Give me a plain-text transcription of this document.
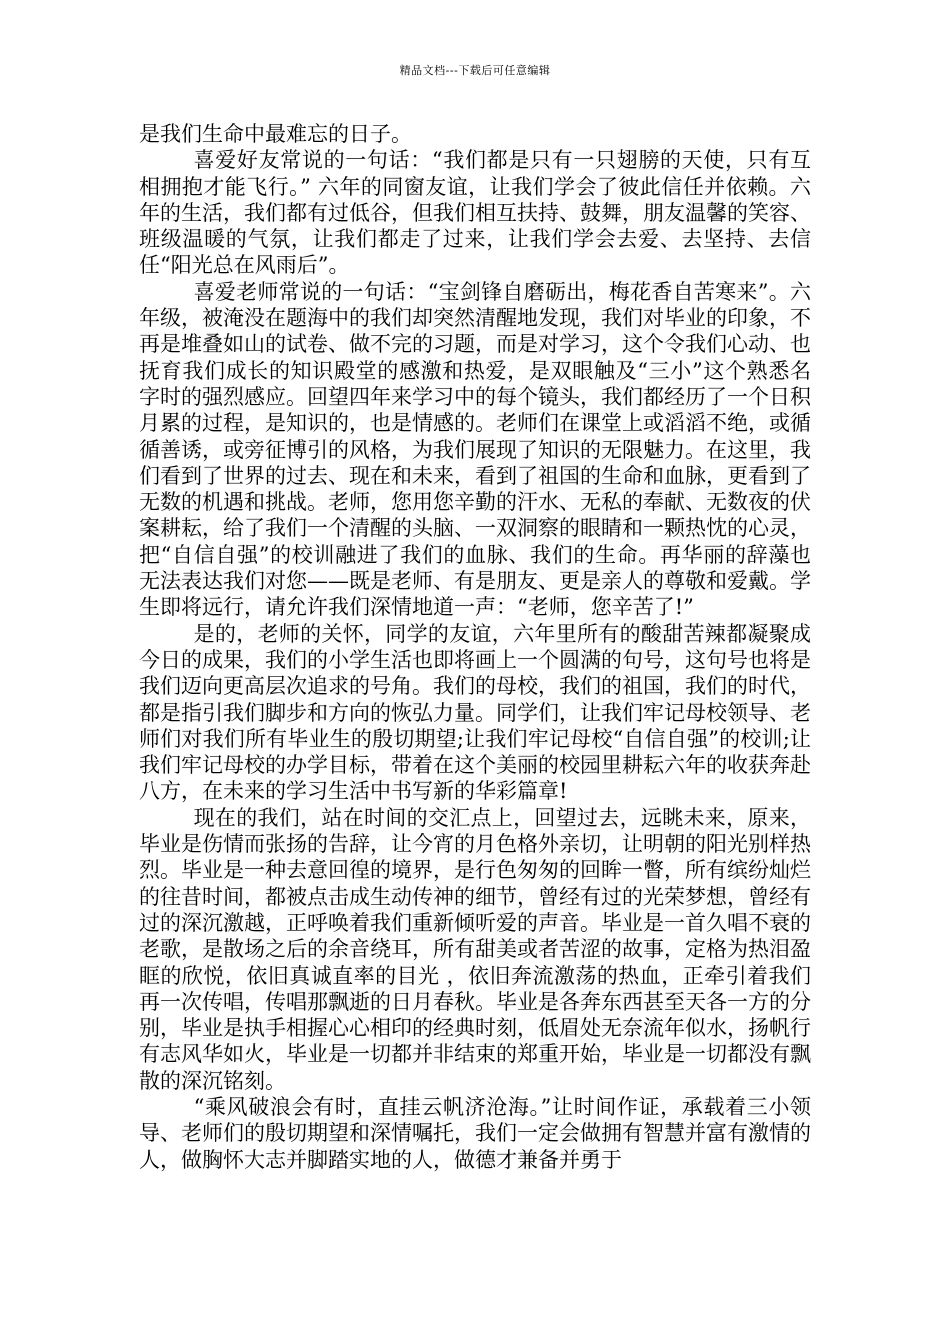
精品文档---下载后可任意编辑

是我们生命中最难忘的日子。

喜爱好友常说的一句话：“我们都是只有一只翅膀的天使，只有互相拥抱才能飞行。” 六年的同窗友谊，让我们学会了彼此信任并依赖。六年的生活，我们都有过低谷，但我们相互扶持、鼓舞，朋友温馨的笑容、班级温暖的气氛，让我们都走了过来，让我们学会去爱、去坚持、去信任“阳光总在风雨后”。

喜爱老师常说的一句话：“宝剑锋自磨砺出，梅花香自苦寒来”。六年级，被淹没在题海中的我们却突然清醒地发现，我们对毕业的印象，不再是堆叠如山的试卷、做不完的习题，而是对学习，这个令我们心动、也抚育我们成长的知识殿堂的感激和热爱，是双眼触及“三小”这个熟悉名字时的强烈感应。回望四年来学习中的每个镜头，我们都经历了一个日积月累的过程，是知识的，也是情感的。老师们在课堂上或滔滔不绝，或循循善诱，或旁征博引的风格，为我们展现了知识的无限魅力。在这里，我们看到了世界的过去、现在和未来，看到了祖国的生命和血脉，更看到了无数的机遇和挑战。老师，您用您辛勤的汗水、无私的奉献、无数夜的伏案耕耘，给了我们一个清醒的头脑、一双洞察的眼睛和一颗热忱的心灵，把“自信自强”的校训融进了我们的血脉、我们的生命。再华丽的辞藻也无法表达我们对您——既是老师、有是朋友、更是亲人的尊敬和爱戴。学生即将远行，请允许我们深情地道一声：“老师，您辛苦了!”

是的，老师的关怀，同学的友谊，六年里所有的酸甜苦辣都凝聚成今日的成果，我们的小学生活也即将画上一个圆满的句号，这句号也将是我们迈向更高层次追求的号角。我们的母校，我们的祖国，我们的时代，都是指引我们脚步和方向的恢弘力量。同学们，让我们牢记母校领导、老师们对我们所有毕业生的殷切期望;让我们牢记母校“自信自强”的校训;让我们牢记母校的办学目标，带着在这个美丽的校园里耕耘六年的收获奔赴八方，在未来的学习生活中书写新的华彩篇章!

现在的我们，站在时间的交汇点上，回望过去，远眺未来，原来，毕业是伤情而张扬的告辞，让今宵的月色格外亲切，让明朝的阳光别样热烈。毕业是一种去意回徨的境界，是行色匆匆的回眸一瞥，所有缤纷灿烂的往昔时间，都被点击成生动传神的细节，曾经有过的光荣梦想，曾经有过的深沉激越，正呼唤着我们重新倾听爱的声音。毕业是一首久唱不衰的老歌，是散场之后的余音绕耳，所有甜美或者苦涩的故事，定格为热泪盈眶的欣悦，依旧真诚直率的目光 ，依旧奔流激荡的热血，正牵引着我们再一次传唱，传唱那飘逝的日月春秋。毕业是各奔东西甚至天各一方的分别，毕业是执手相握心心相印的经典时刻，低眉处无奈流年似水，扬帆行有志风华如火，毕业是一切都并非结束的郑重开始，毕业是一切都没有飘散的深沉铭刻。

“乘风破浪会有时，直挂云帆济沧海。”让时间作证，承载着三小领导、老师们的殷切期望和深情嘱托，我们一定会做拥有智慧并富有激情的人，做胸怀大志并脚踏实地的人，做德才兼备并勇于
